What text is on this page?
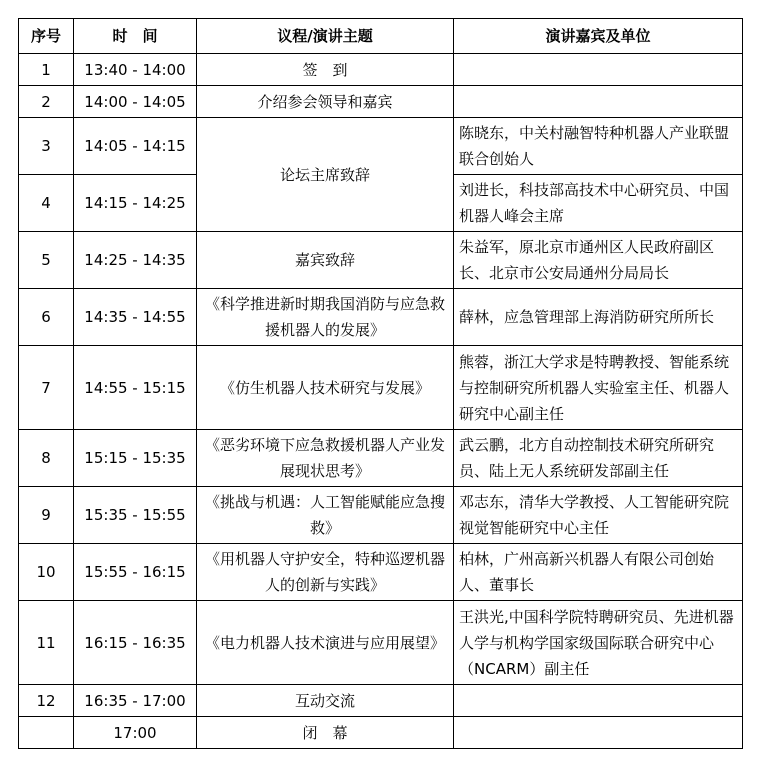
序号	时　间	议程/演讲主题	演讲嘉宾及单位
1	13:40 - 14:00	签　到	
2	14:00 - 14:05	介绍参会领导和嘉宾	
3	14:05 - 14:15	论坛主席致辞	陈晓东，中关村融智特种机器人产业联盟联合创始人
4	14:15 - 14:25		刘进长，科技部高技术中心研究员、中国机器人峰会主席
5	14:25 - 14:35	嘉宾致辞	朱益军，原北京市通州区人民政府副区长、北京市公安局通州分局局长
6	14:35 - 14:55	《科学推进新时期我国消防与应急救援机器人的发展》	薛林，应急管理部上海消防研究所所长
7	14:55 - 15:15	《仿生机器人技术研究与发展》	熊蓉，浙江大学求是特聘教授、智能系统与控制研究所机器人实验室主任、机器人研究中心副主任
8	15:15 - 15:35	《恶劣环境下应急救援机器人产业发展现状思考》	武云鹏，北方自动控制技术研究所研究员、陆上无人系统研发部副主任
9	15:35 - 15:55	《挑战与机遇：人工智能赋能应急搜救》	邓志东，清华大学教授、人工智能研究院视觉智能研究中心主任
10	15:55 - 16:15	《用机器人守护安全，特种巡逻机器人的创新与实践》	柏林，广州高新兴机器人有限公司创始人、董事长
11	16:15 - 16:35	《电力机器人技术演进与应用展望》	王洪光,中国科学院特聘研究员、先进机器人学与机构学国家级国际联合研究中心（NCARM）副主任
12	16:35 - 17:00	互动交流	
	17:00	闭　幕	
